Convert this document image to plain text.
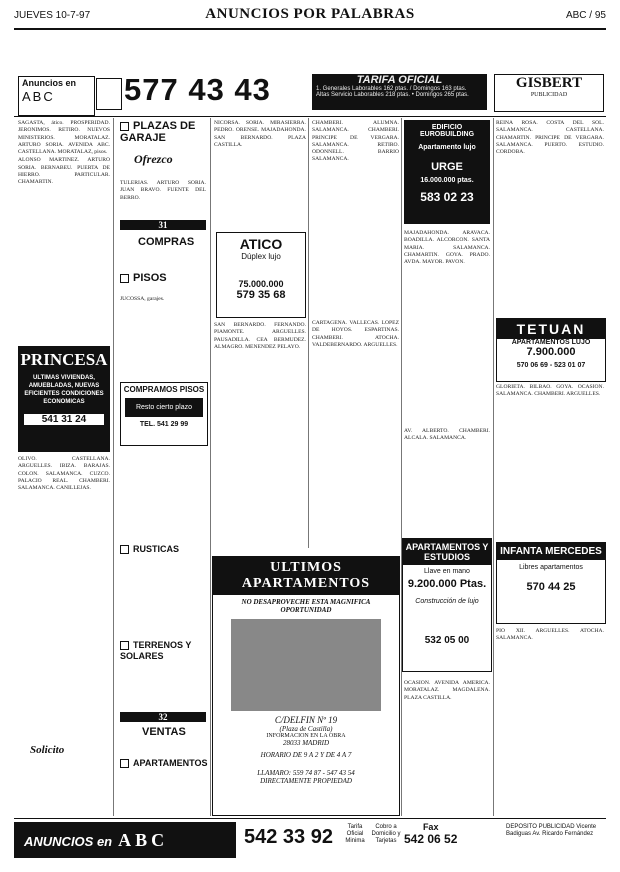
JUEVES 10-7-97	ANUNCIOS POR PALABRAS	ABC / 95
Anuncios en
ABC	577 43 43	TARIFA OFICIAL
1. Generales Laborables 162 ptas. / Domingos 163 ptas.
Altas Servicio Laborables 218 ptas. • Domingos 265 ptas.
GISBERT
PUBLICIDAD

SAGASTA, ático. PROSPERIDAD. JERONIMOS. RETIRO. NUEVOS MINISTERIOS. MORATALAZ. ARTURO SORIA. AVENIDA ABC. CASTELLANA. MORATALAZ, pisos.

ALONSO MARTINEZ. ARTURO SORIA. BERNABEU. PUERTA DE HIERRO. PARTICULAR. CHAMARTIN.

PRINCESA
ULTIMAS VIVIENDAS, AMUEBLADAS, NUEVAS EFICIENTES CONDICIONES ECONOMICAS
541 31 24

OLIVO. CASTELLANA. ARGUELLES. IBIZA. BARAJAS. COLON. SALAMANCA. CUZCO. PALACIO REAL. CHAMBERI. SALAMANCA. CANILLEJAS.

Solicito
PLAZAS DE GARAJE
Ofrezco

TULERIAS. ARTURO SORIA. JUAN BRAVO. FUENTE DEL BERRO.

31
COMPRAS
PISOS

JUCOSSA, garajes.

COMPRAMOS PISOS
Resto cierto plazo
TEL. 541 29 99
RUSTICAS
TERRENOS Y SOLARES
32
VENTAS
APARTAMENTOS

NICORSA. SORIA. MIRASIERRA. PEDRO. ORENSE. MAJADAHONDA. SAN BERNARDO. PLAZA CASTILLA.

ATICO
Dúplex lujo
75.000.000
579 35 68

SAN BERNARDO. FERNANDO. PIAMONTE. ARGUELLES. PAUSADILLA. CEA BERMUDEZ. ALMAGRO. MENENDEZ PELAYO.

CHAMBERI. ALUMNA. SALAMANCA. CHAMBERI. PRINCIPE DE VERGARA. SALAMANCA. RETIRO. ODONNELL. BARRIO SALAMANCA.

CARTAGENA. VALLECAS. LOPEZ DE HOYOS. ESPARTINAS. CHAMBERI. ATOCHA. VALDEBERNARDO. ARGUELLES.

ULTIMOS APARTAMENTOS
NO DESAPROVECHE ESTA MAGNIFICA OPORTUNIDAD
C/DELFIN Nº 19
(Plaza de Castilla)
INFORMACION EN LA OBRA
28033 MADRID
HORARIO DE 9 A 2 Y DE 4 A 7
LLAMARO: 559 74 87 - 547 43 54
DIRECTAMENTE PROPIEDAD
EDIFICIO EUROBUILDING
Apartamento lujo
URGE
16.000.000 ptas.
583 02 23

MAJADAHONDA. ARAVACA. BOADILLA. ALCORCON. SANTA MARIA. SALAMANCA. CHAMARTIN. GOYA. PRADO. AVDA. MAYOR. PAVON.

AV. ALBERTO. CHAMBERI. ALCALA. SALAMANCA.

APARTAMENTOS Y ESTUDIOS
Llave en mano
9.200.000 Ptas.
Construcción de lujo
532 05 00

OCASION. AVENIDA AMERICA. MORATALAZ. MAGDALENA. PLAZA CASTILLA.

REINA ROSA. COSTA DEL SOL. SALAMANCA. CASTELLANA. CHAMARTIN. PRINCIPE DE VERGARA. SALAMANCA. PUERTO. ESTUDIO. CORDOBA.

TETUAN
APARTAMENTOS LUJO
7.900.000
570 06 69 - 523 01 07

GLORIETA. BILBAO. GOYA. OCASION. SALAMANCA. CHAMBERI. ARGUELLES.

INFANTA MERCEDES
Libres apartamentos
570 44 25

PIO XII. ARGUELLES. ATOCHA. SALAMANCA.

ANUNCIOS en ABC	542 33 92	Tarifa Oficial Minima
Cobro a Domicilio y Tarjetas
Fax
542 06 52
DEPOSITO PUBLICIDAD Vicente Badiguas Av. Ricardo Fernández
